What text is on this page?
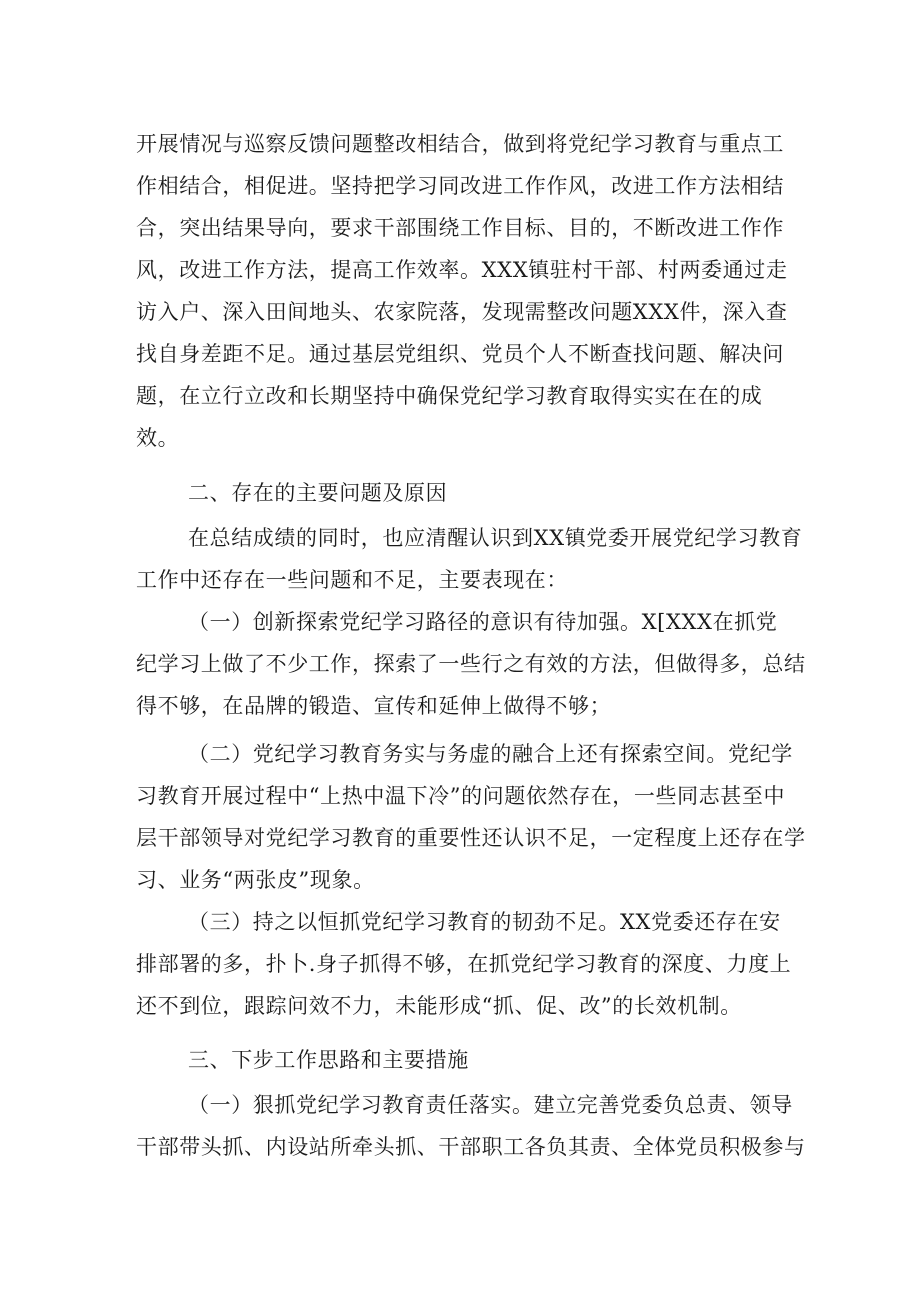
开展情况与巡察反馈问题整改相结合，做到将党纪学习教育与重点工
作相结合，相促进。坚持把学习同改进工作作风，改进工作方法相结
合，突出结果导向，要求干部围绕工作目标、目的，不断改进工作作
风，改进工作方法，提高工作效率。XXX镇驻村干部、村两委通过走
访入户、深入田间地头、农家院落，发现需整改问题XXX件，深入查
找自身差距不足。通过基层党组织、党员个人不断查找问题、解决问
题，在立行立改和长期坚持中确保党纪学习教育取得实实在在的成
效。
二、存在的主要问题及原因
在总结成绩的同时，也应清醒认识到XX镇党委开展党纪学习教育
工作中还存在一些问题和不足，主要表现在：
（一）创新探索党纪学习路径的意识有待加强。X[XXX在抓党
纪学习上做了不少工作，探索了一些行之有效的方法，但做得多，总结
得不够，在品牌的锻造、宣传和延伸上做得不够；
（二）党纪学习教育务实与务虚的融合上还有探索空间。党纪学
习教育开展过程中“上热中温下冷”的问题依然存在，一些同志甚至中
层干部领导对党纪学习教育的重要性还认识不足，一定程度上还存在学
习、业务“两张皮”现象。
（三）持之以恒抓党纪学习教育的韧劲不足。XX党委还存在安
排部署的多，扑卜.身子抓得不够，在抓党纪学习教育的深度、力度上
还不到位，跟踪问效不力，未能形成“抓、促、改”的长效机制。
三、下步工作思路和主要措施
（一）狠抓党纪学习教育责任落实。建立完善党委负总责、领导
干部带头抓、内设站所牵头抓、干部职工各负其责、全体党员积极参与
